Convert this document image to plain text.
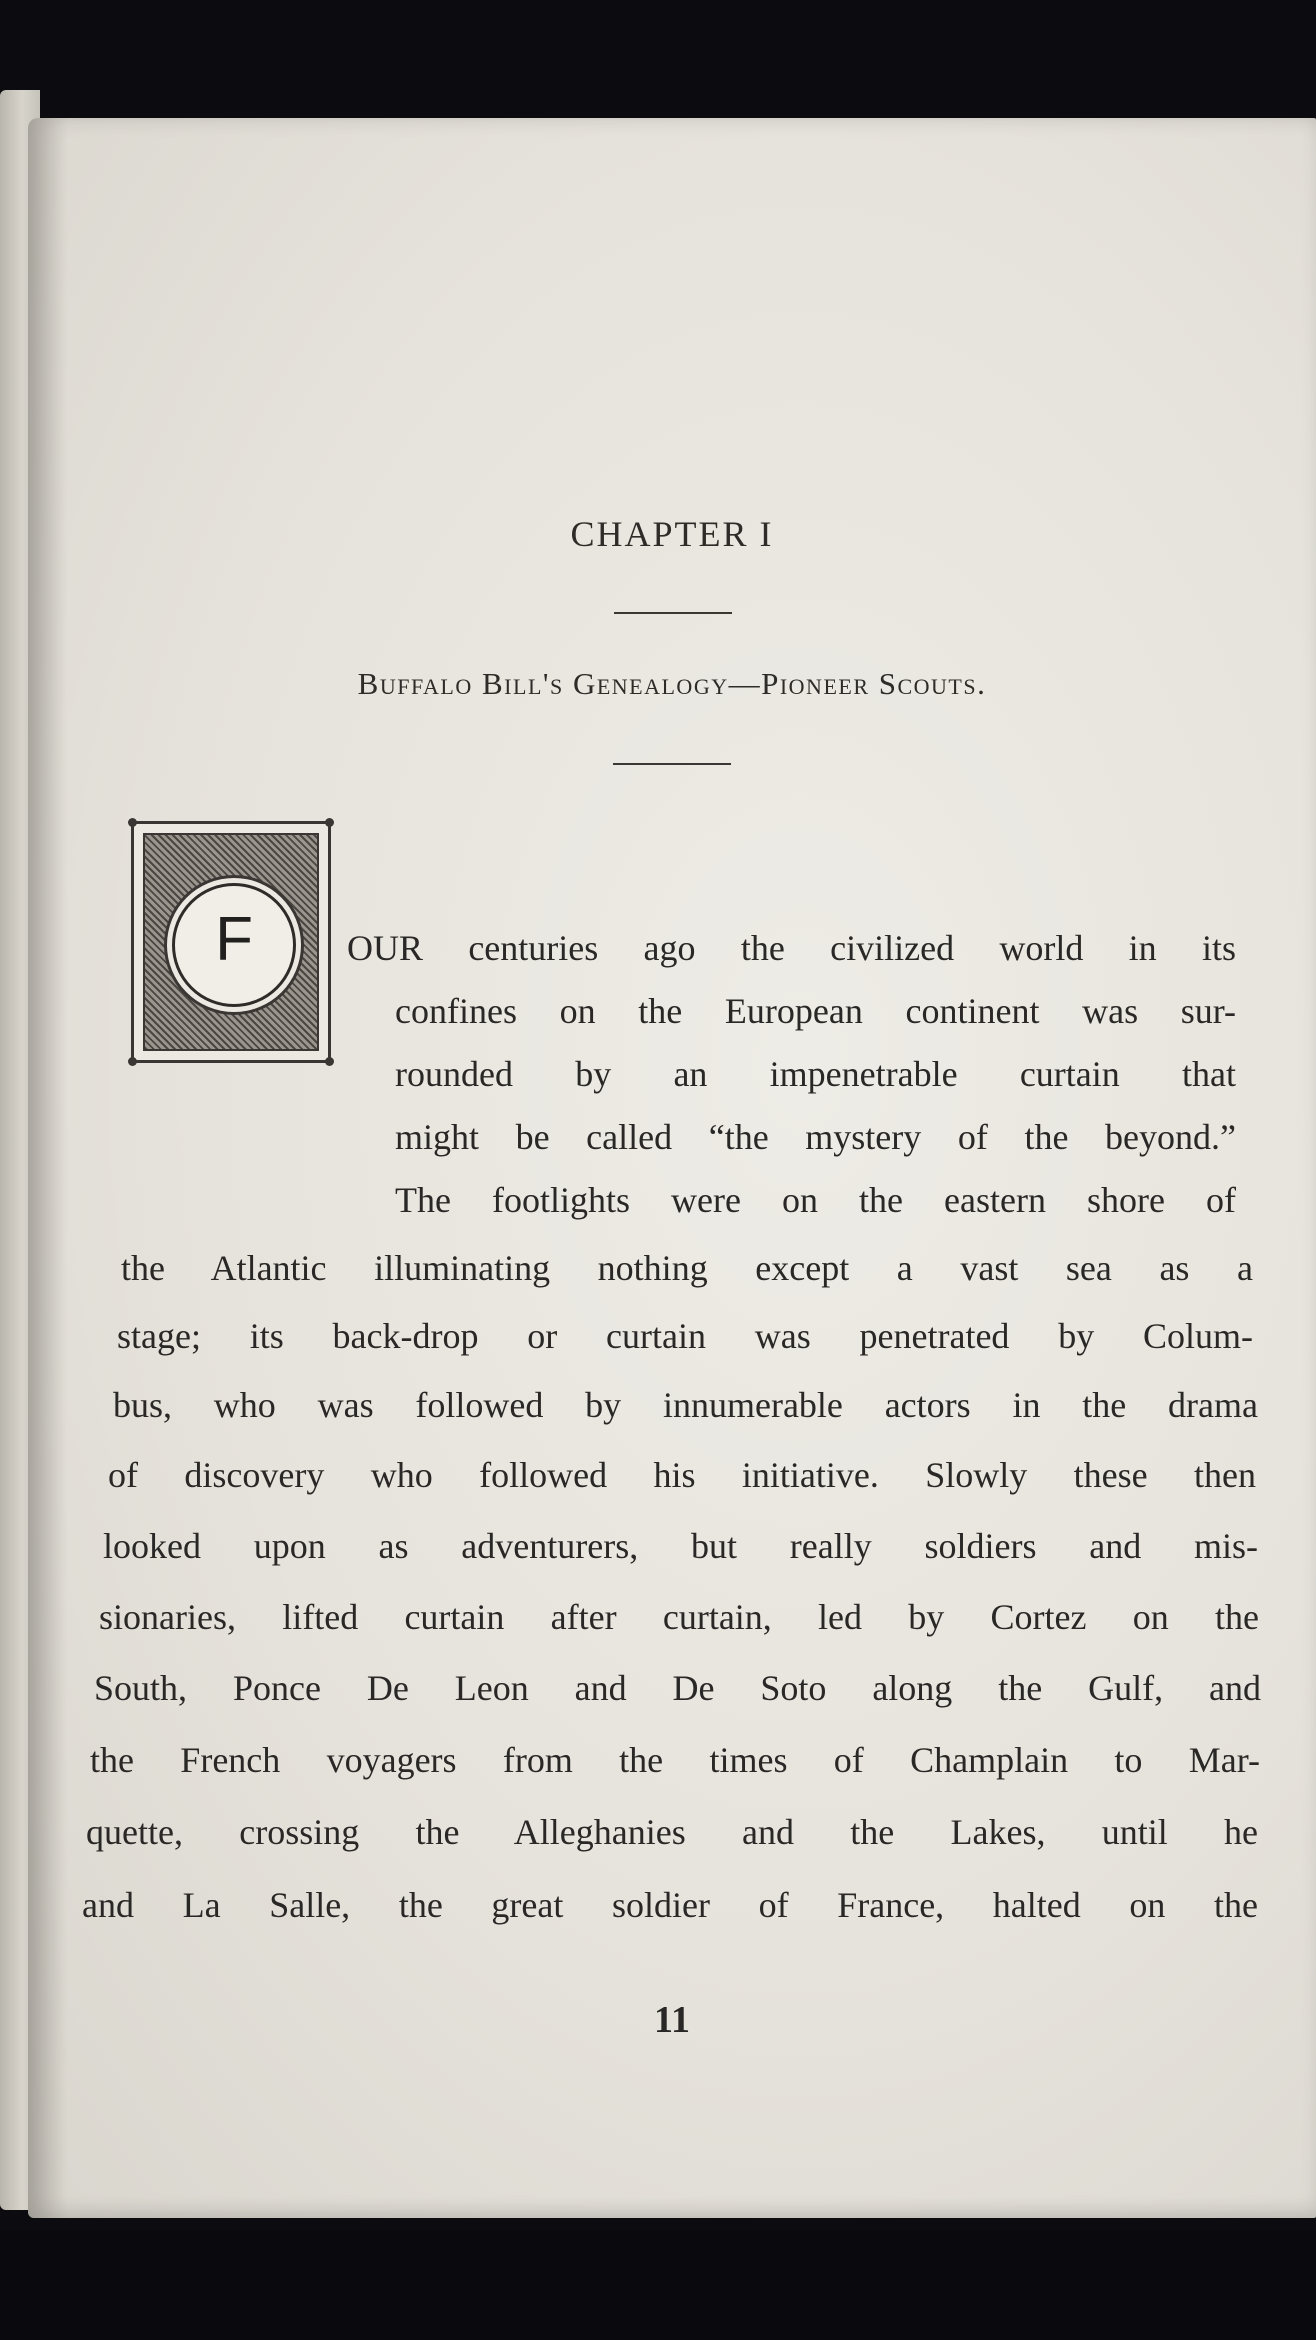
CHAPTER I
Buffalo Bill's Genealogy—Pioneer Scouts.
F	OUR centuries ago the civilized world in its
confines on the European continent was sur-
rounded by an impenetrable curtain that
might be called “the mystery of the beyond.”
The footlights were on the eastern shore of
the Atlantic illuminating nothing except a vast sea as a
stage; its back-drop or curtain was penetrated by Colum-
bus, who was followed by innumerable actors in the drama
of discovery who followed his initiative. Slowly these then
looked upon as adventurers, but really soldiers and mis-
sionaries, lifted curtain after curtain, led by Cortez on the
South, Ponce De Leon and De Soto along the Gulf, and
the French voyagers from the times of Champlain to Mar-
quette, crossing the Alleghanies and the Lakes, until he
and La Salle, the great soldier of France, halted on the
11
